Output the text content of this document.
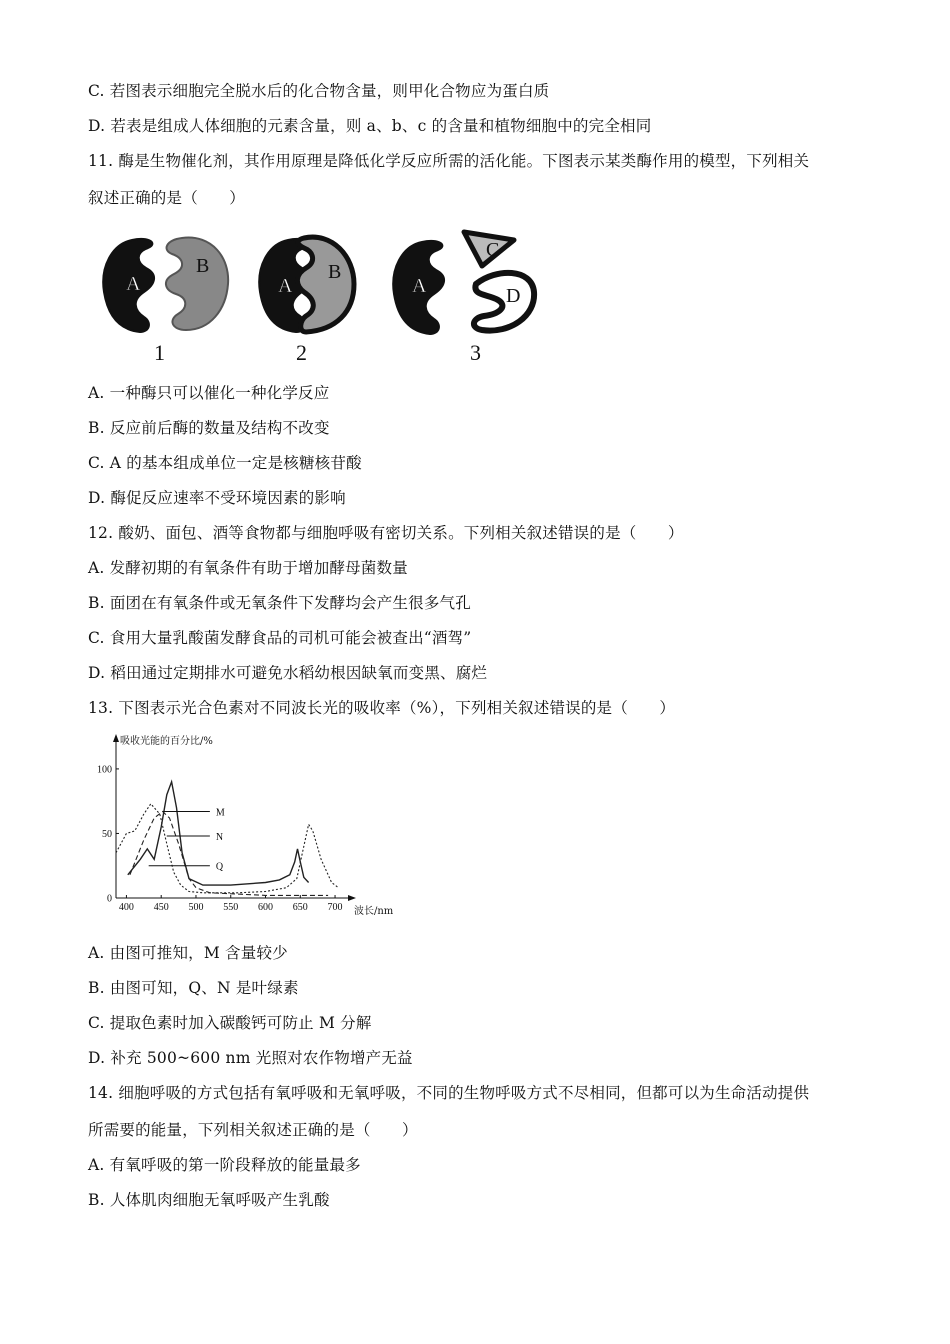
C. 若图表示细胞完全脱水后的化合物含量，则甲化合物应为蛋白质
D. 若表是组成人体细胞的元素含量，则 a、b、c 的含量和植物细胞中的完全相同
11. 酶是生物催化剂，其作用原理是降低化学反应所需的活化能。下图表示某类酶作用的模型，下列相关
叙述正确的是（　　）
A
B
1
A
B
2
A
C
D
3
A. 一种酶只可以催化一种化学反应
B. 反应前后酶的数量及结构不改变
C. A 的基本组成单位一定是核糖核苷酸
D. 酶促反应速率不受环境因素的影响
12. 酸奶、面包、酒等食物都与细胞呼吸有密切关系。下列相关叙述错误的是（　　）
A. 发酵初期的有氧条件有助于增加酵母菌数量
B. 面团在有氧条件或无氧条件下发酵均会产生很多气孔
C. 食用大量乳酸菌发酵食品的司机可能会被查出“酒驾”
D. 稻田通过定期排水可避免水稻幼根因缺氧而变黑、腐烂
13. 下图表示光合色素对不同波长光的吸收率（%），下列相关叙述错误的是（　　）
0
50
100
400 450 500 550 600 650 700
M
N
Q
吸收光能的百分比/%
波长/nm
A. 由图可推知，M 含量较少
B. 由图可知，Q、N 是叶绿素
C. 提取色素时加入碳酸钙可防止 M 分解
D. 补充 500~600 nm 光照对农作物增产无益
14. 细胞呼吸的方式包括有氧呼吸和无氧呼吸，不同的生物呼吸方式不尽相同，但都可以为生命活动提供
所需要的能量，下列相关叙述正确的是（　　）
A. 有氧呼吸的第一阶段释放的能量最多
B. 人体肌肉细胞无氧呼吸产生乳酸
